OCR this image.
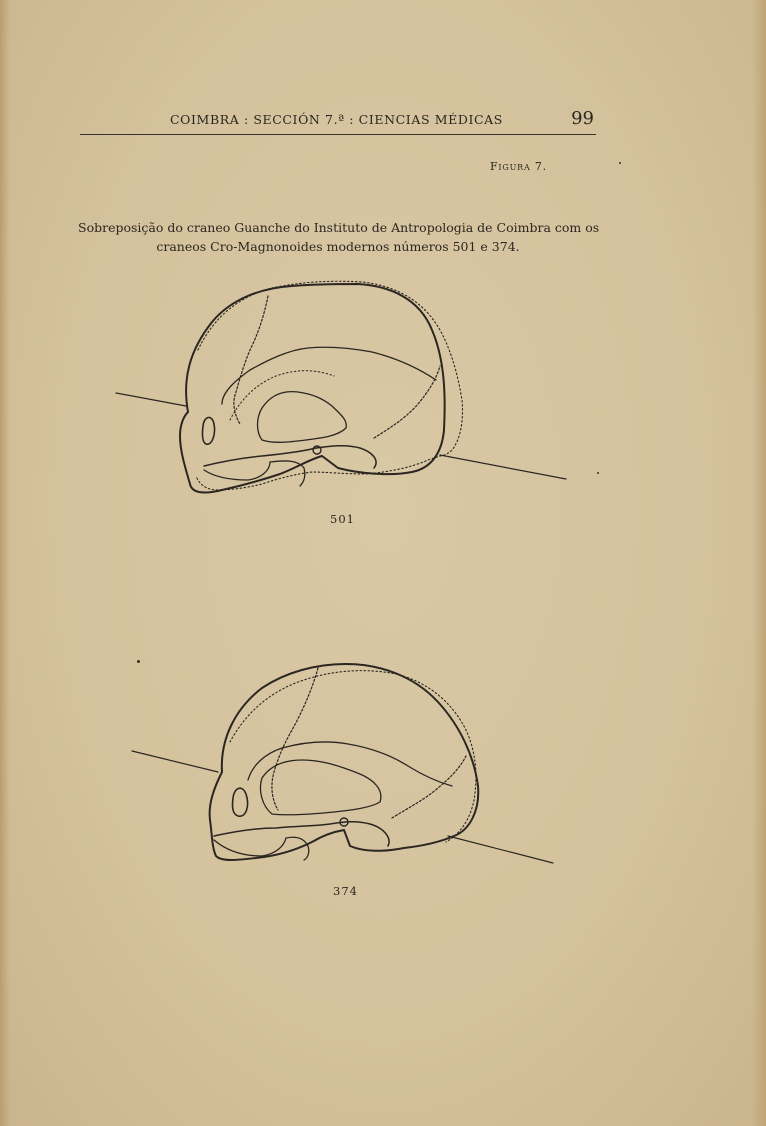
COIMBRA : SECCIÓN 7.ª : CIENCIAS MÉDICAS	99
Figura 7.
Sobreposição do craneo Guanche do Instituto de Antropologia de Coimbra com os
craneos Cro-Magnonoides modernos números 501 e 374.
501
374
